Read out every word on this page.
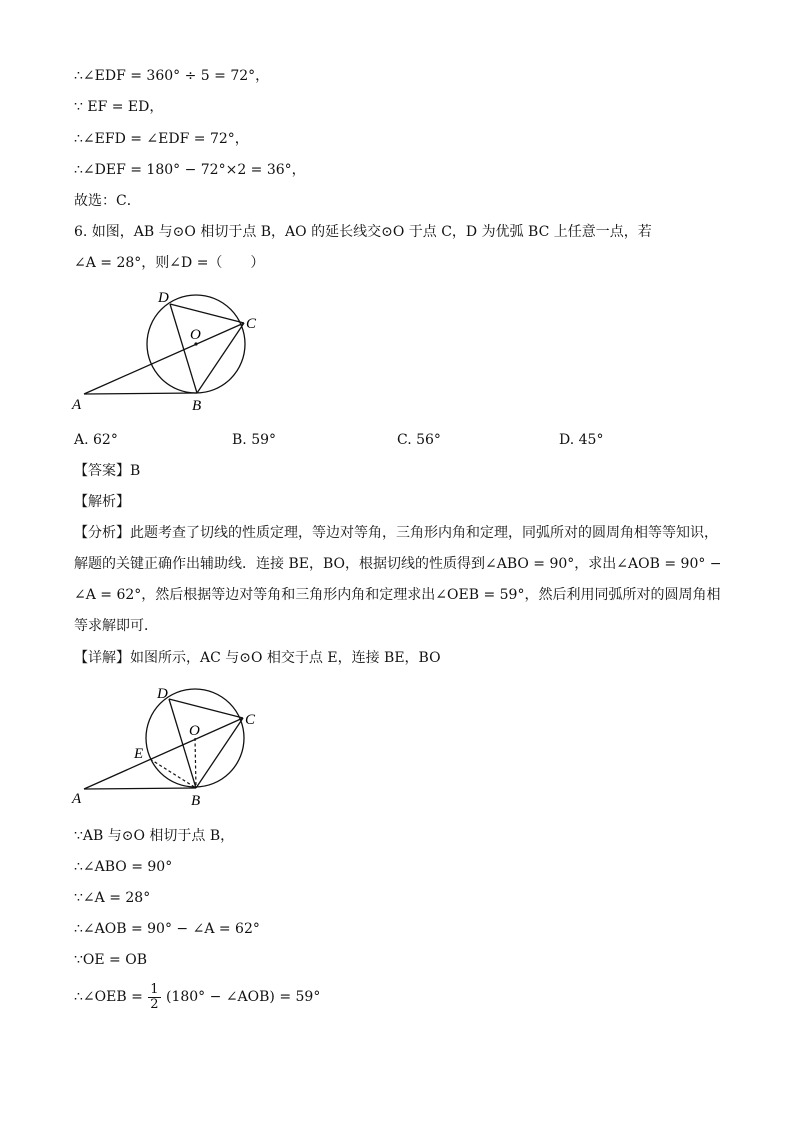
∴∠EDF = 360° ÷ 5 = 72°，
∵ EF = ED，
∴∠EFD = ∠EDF = 72°，
∴∠DEF = 180° − 72°×2 = 36°，
故选：C．
6. 如图，AB 与⊙O 相切于点 B，AO 的延长线交⊙O 于点 C，D 为优弧 BC 上任意一点，若
∠A = 28°，则∠D =（　　）
D
O
C
A	B
A. 62°	B. 59°	C. 56°	D. 45°
【答案】B
【解析】
【分析】此题考查了切线的性质定理，等边对等角，三角形内角和定理，同弧所对的圆周角相等等知识，解题的关键正确作出辅助线．连接 BE，BO，根据切线的性质得到∠ABO = 90°，求出∠AOB = 90° − ∠A = 62°，然后根据等边对等角和三角形内角和定理求出∠OEB = 59°，然后利用同弧所对的圆周角相等求解即可．
【详解】如图所示，AC 与⊙O 相交于点 E，连接 BE，BO
D
O
C
E
A	B
∵AB 与⊙O 相切于点 B，
∴∠ABO = 90°
∵∠A = 28°
∴∠AOB = 90° − ∠A = 62°
∵OE = OB
∴∠OEB = $\frac{1}{2} (180^\circ$ − ∠AOB) = 59°
